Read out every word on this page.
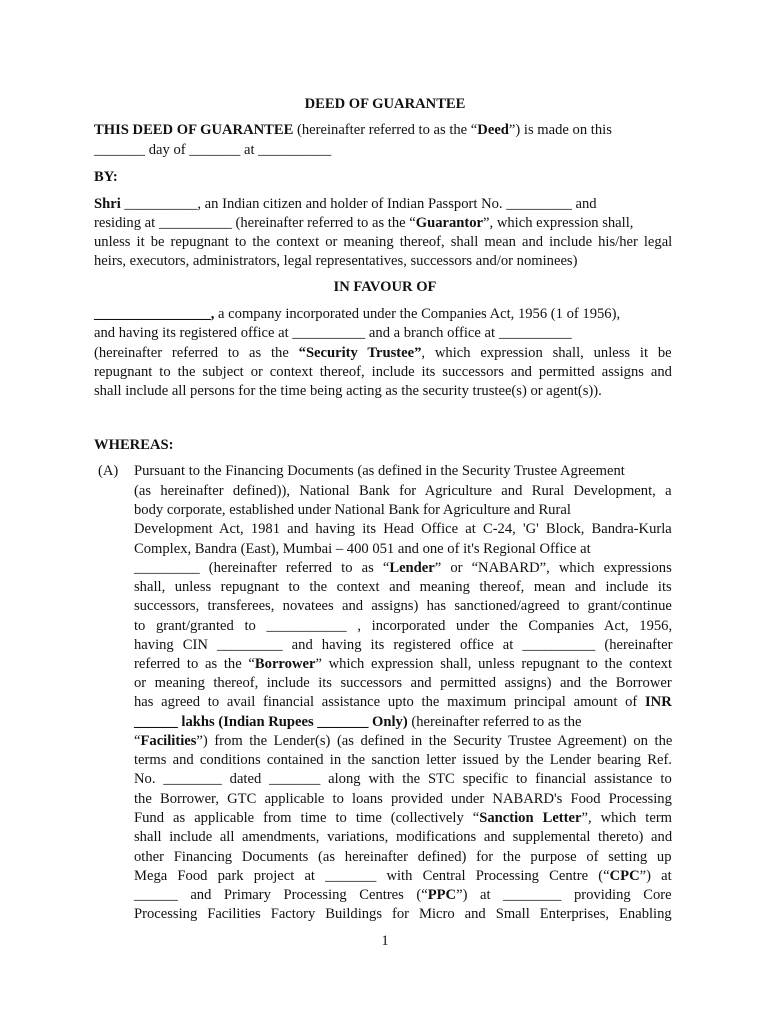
DEED OF GUARANTEE
THIS DEED OF GUARANTEE (hereinafter referred to as the “Deed”) is made on this
_______ day of _______ at __________
BY:
Shri __________, an Indian citizen and holder of Indian Passport No. _________ and
residing at __________ (hereinafter referred to as the “Guarantor”, which expression shall,
unless it be repugnant to the context or meaning thereof, shall mean and include his/her legal
heirs, executors, administrators, legal representatives, successors and/or nominees)
IN FAVOUR OF
________________, a company incorporated under the Companies Act, 1956 (1 of 1956),
and having its registered office at __________ and a branch office at __________
(hereinafter referred to as the “Security Trustee”, which expression shall, unless it be
repugnant to the subject or context thereof, include its successors and permitted assigns and
shall include all persons for the time being acting as the security trustee(s) or agent(s)).
WHEREAS:
(A) Pursuant to the Financing Documents (as defined in the Security Trustee Agreement
(as hereinafter defined)), National Bank for Agriculture and Rural Development, a
body corporate, established under National Bank for Agriculture and Rural
Development Act, 1981 and having its Head Office at C-24, 'G' Block, Bandra-Kurla
Complex, Bandra (East), Mumbai – 400 051 and one of it's Regional Office at
_________ (hereinafter referred to as “Lender” or “NABARD”, which expressions
shall, unless repugnant to the context and meaning thereof, mean and include its
successors, transferees, novatees and assigns) has sanctioned/agreed to grant/continue
to grant/granted to ___________ , incorporated under the Companies Act, 1956,
having CIN _________ and having its registered office at __________ (hereinafter
referred to as the “Borrower” which expression shall, unless repugnant to the context
or meaning thereof, include its successors and permitted assigns) and the Borrower
has agreed to avail financial assistance upto the maximum principal amount of INR
______ lakhs (Indian Rupees _______ Only) (hereinafter referred to as the
“Facilities”) from the Lender(s) (as defined in the Security Trustee Agreement) on the
terms and conditions contained in the sanction letter issued by the Lender bearing Ref.
No. ________ dated _______ along with the STC specific to financial assistance to
the Borrower, GTC applicable to loans provided under NABARD's Food Processing
Fund as applicable from time to time (collectively “Sanction Letter”, which term
shall include all amendments, variations, modifications and supplemental thereto) and
other Financing Documents (as hereinafter defined) for the purpose of setting up
Mega Food park project at _______ with Central Processing Centre (“CPC”) at
______ and Primary Processing Centres (“PPC”) at ________ providing Core
Processing Facilities Factory Buildings for Micro and Small Enterprises, Enabling
1
